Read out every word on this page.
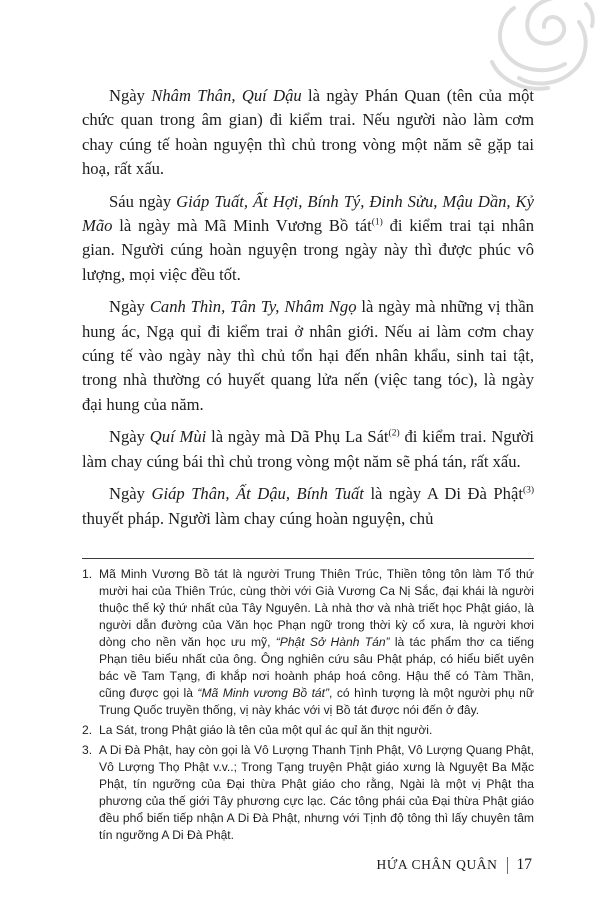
Ngày Nhâm Thân, Quí Dậu là ngày Phán Quan (tên của một chức quan trong âm gian) đi kiểm trai. Nếu người nào làm cơm chay cúng tế hoàn nguyện thì chủ trong vòng một năm sẽ gặp tai hoạ, rất xấu.

Sáu ngày Giáp Tuất, Ất Hợi, Bính Tý, Đinh Sửu, Mậu Dần, Kỷ Mão là ngày mà Mã Minh Vương Bồ tát$^{(1)}$ đi kiểm trai tại nhân gian. Người cúng hoàn nguyện trong ngày này thì được phúc vô lượng, mọi việc đều tốt.

Ngày Canh Thìn, Tân Ty, Nhâm Ngọ là ngày mà những vị thần hung ác, Ngạ quỉ đi kiểm trai ở nhân giới. Nếu ai làm cơm chay cúng tế vào ngày này thì chủ tổn hại đến nhân khẩu, sinh tai tật, trong nhà thường có huyết quang lửa nến (việc tang tóc), là ngày đại hung của năm.

Ngày Quí Mùi là ngày mà Dã Phụ La Sát$^{(2)}$ đi kiểm trai. Người làm chay cúng bái thì chủ trong vòng một năm sẽ phá tán, rất xấu.

Ngày Giáp Thân, Ất Dậu, Bính Tuất là ngày A Di Đà Phật$^{(3)}$ thuyết pháp. Người làm chay cúng hoàn nguyện, chủ

1. Mã Minh Vương Bồ tát là người Trung Thiên Trúc, Thiền tông tôn làm Tổ thứ mười hai của Thiên Trúc, cùng thời với Già Vương Ca Nị Sắc, đại khái là người thuộc thế kỷ thứ nhất của Tây Nguyên. Là nhà thơ và nhà triết học Phật giáo, là người dẫn đường của Văn học Phạn ngữ trong thời kỳ cổ xưa, là người khơi dòng cho nền văn học ưu mỹ, “Phật Sở Hành Tán” là tác phẩm thơ ca tiếng Phạn tiêu biểu nhất của ông. Ông nghiên cứu sâu Phật pháp, có hiểu biết uyên bác về Tam Tạng, đi khắp nơi hoành pháp hoá công. Hậu thế có Tàm Thần, cũng được gọi là “Mã Minh vương Bồ tát”, có hình tượng là một người phụ nữ Trung Quốc truyền thống, vị này khác với vị Bồ tát được nói đến ở đây.
2. La Sát, trong Phật giáo là tên của một quỉ ác quỉ ăn thịt người.
3. A Di Đà Phật, hay còn gọi là Vô Lượng Thanh Tịnh Phật, Vô Lượng Quang Phật, Vô Lượng Thọ Phật v.v..; Trong Tạng truyện Phật giáo xưng là Nguyệt Ba Mặc Phật, tín ngưỡng của Đại thừa Phật giáo cho rằng, Ngài là một vị Phật tha phương của thế giới Tây phương cực lạc. Các tông phái của Đại thừa Phật giáo đều phổ biến tiếp nhận A Di Đà Phật, nhưng với Tịnh độ tông thì lấy chuyên tâm tín ngưỡng A Di Đà Phật.
HỨA CHÂN QUÂN 17
